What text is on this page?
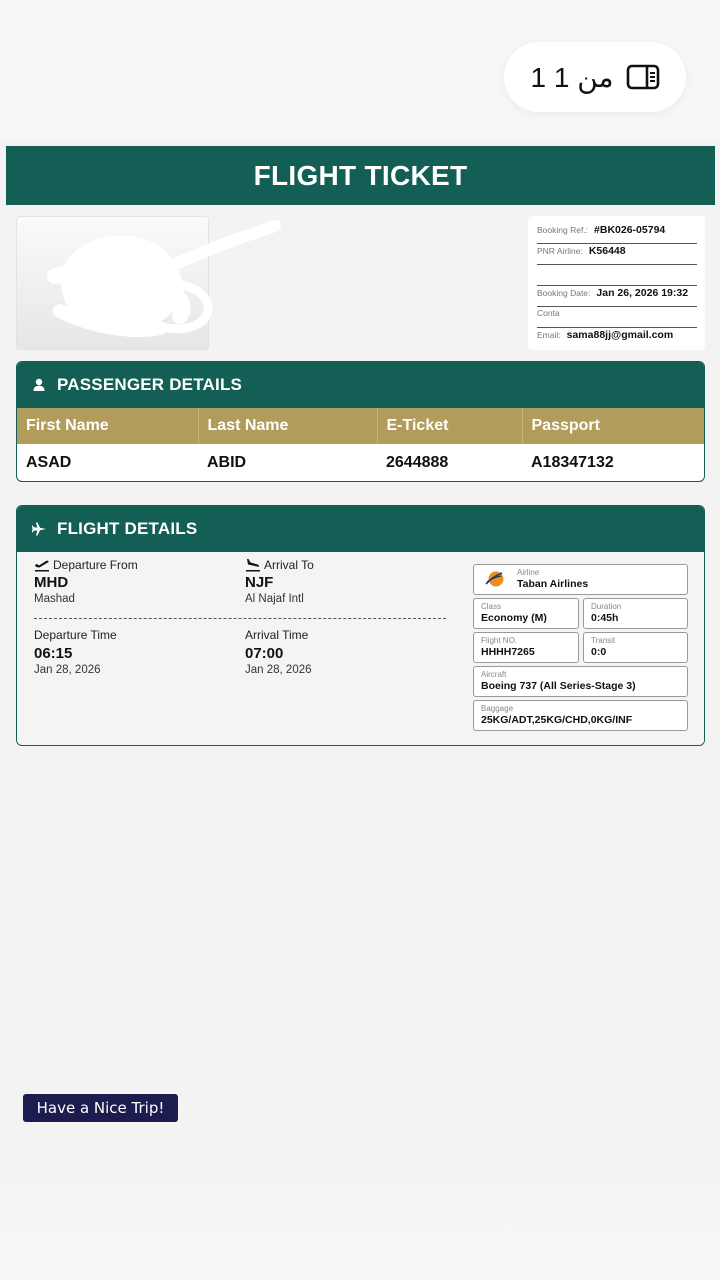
1 من 1
FLIGHT TICKET
Booking Ref.: #BK026-05794
PNR Airline: K56448
Booking Date: Jan 26, 2026 19:32
Conta
Email: sama88jj@gmail.com
PASSENGER DETAILS
First Name	Last Name	E-Ticket	Passport
ASAD	ABID	2644888	A18347132
FLIGHT DETAILS
Departure From
MHD
Mashad
Arrival To
NJF
Al Najaf Intl
Departure Time
06:15
Jan 28, 2026
Arrival Time
07:00
Jan 28, 2026
Airline
Taban Airlines
Class
Economy (M)
Duration
0:45h
Flight NO.
HHHH7265
Transit
0:0
Aircraft
Boeing 737 (All Series-Stage 3)
Baggage
25KG/ADT,25KG/CHD,0KG/INF
Have a Nice Trip!
